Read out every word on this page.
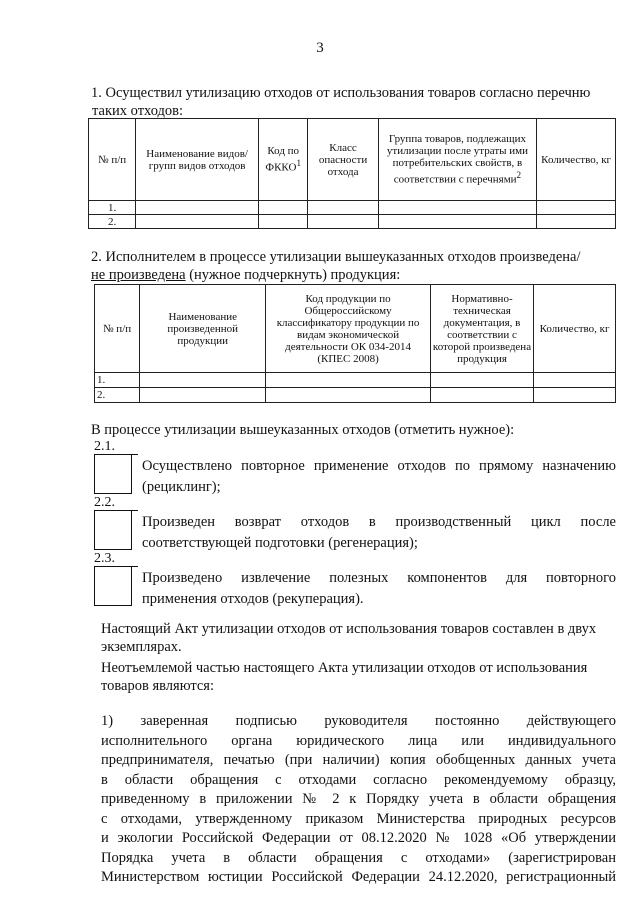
3
1. Осуществил утилизацию отходов от использования товаров согласно перечню
таких отходов:
№ п/п	Наименование видов/групп видов отходов	Код по ФККО$^1$	Класс опасности отхода	Группа товаров, подлежащих утилизации после утраты ими потребительских свойств, в соответствии с перечнями$^2$	Количество, кг
1.					
2.					
2. Исполнителем в процессе утилизации вышеуказанных отходов произведена/
не произведена (нужное подчеркнуть) продукция:
№ п/п	Наименование произведенной продукции	Код продукции по Общероссийскому классификатору продукции по видам экономической деятельности ОК 034-2014 (КПЕС 2008)	Нормативно-техническая документация, в соответствии с которой произведена продукция	Количество, кг
1.				
2.				
В процессе утилизации вышеуказанных отходов (отметить нужное):
2.1.
Осуществлено повторное применение отходов по прямому назначению
(рециклинг);
2.2.
Произведен возврат отходов в производственный цикл после
соответствующей подготовки (регенерация);
2.3.
Произведено извлечение полезных компонентов для повторного
применения отходов (рекуперация).
Настоящий Акт утилизации отходов от использования товаров составлен в двух
экземплярах.
Неотъемлемой частью настоящего Акта утилизации отходов от использования
товаров являются:
1) заверенная подписью руководителя постоянно действующего
исполнительного органа юридического лица или индивидуального
предпринимателя, печатью (при наличии) копия обобщенных данных учета
в области обращения с отходами согласно рекомендуемому образцу,
приведенному в приложении № 2 к Порядку учета в области обращения
с отходами, утвержденному приказом Министерства природных ресурсов
и экологии Российской Федерации от 08.12.2020 № 1028 «Об утверждении
Порядка учета в области обращения с отходами» (зарегистрирован
Министерством юстиции Российской Федерации 24.12.2020, регистрационный
